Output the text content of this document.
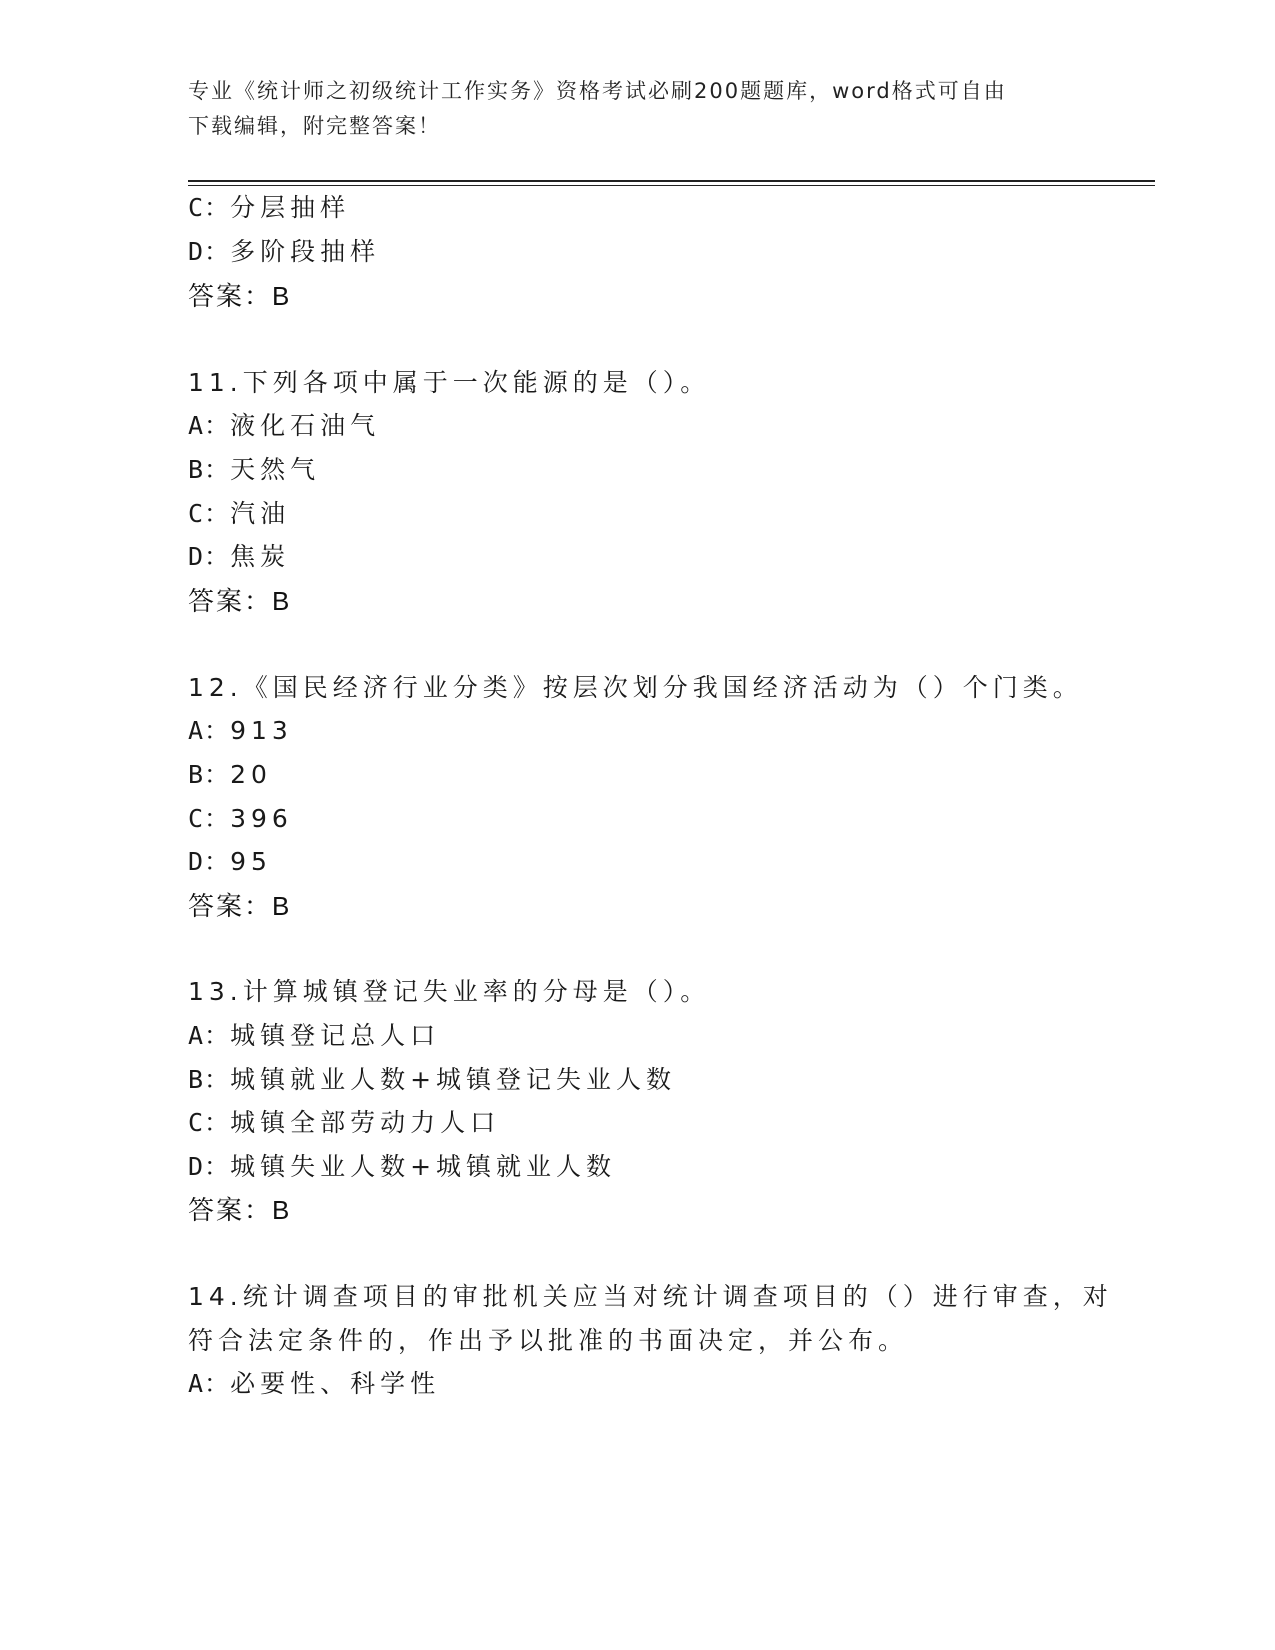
专业《统计师之初级统计工作实务》资格考试必刷200题题库，word格式可自由
下载编辑，附完整答案！
C：分层抽样
D：多阶段抽样
答案：B
11.下列各项中属于一次能源的是（）。
A：液化石油气
B：天然气
C：汽油
D：焦炭
答案：B
12.《国民经济行业分类》按层次划分我国经济活动为（）个门类。
A：913
B：20
C：396
D：95
答案：B
13.计算城镇登记失业率的分母是（）。
A：城镇登记总人口
B：城镇就业人数+城镇登记失业人数
C：城镇全部劳动力人口
D：城镇失业人数+城镇就业人数
答案：B
14.统计调查项目的审批机关应当对统计调查项目的（）进行审查，对
符合法定条件的，作出予以批准的书面决定，并公布。
A：必要性、科学性
